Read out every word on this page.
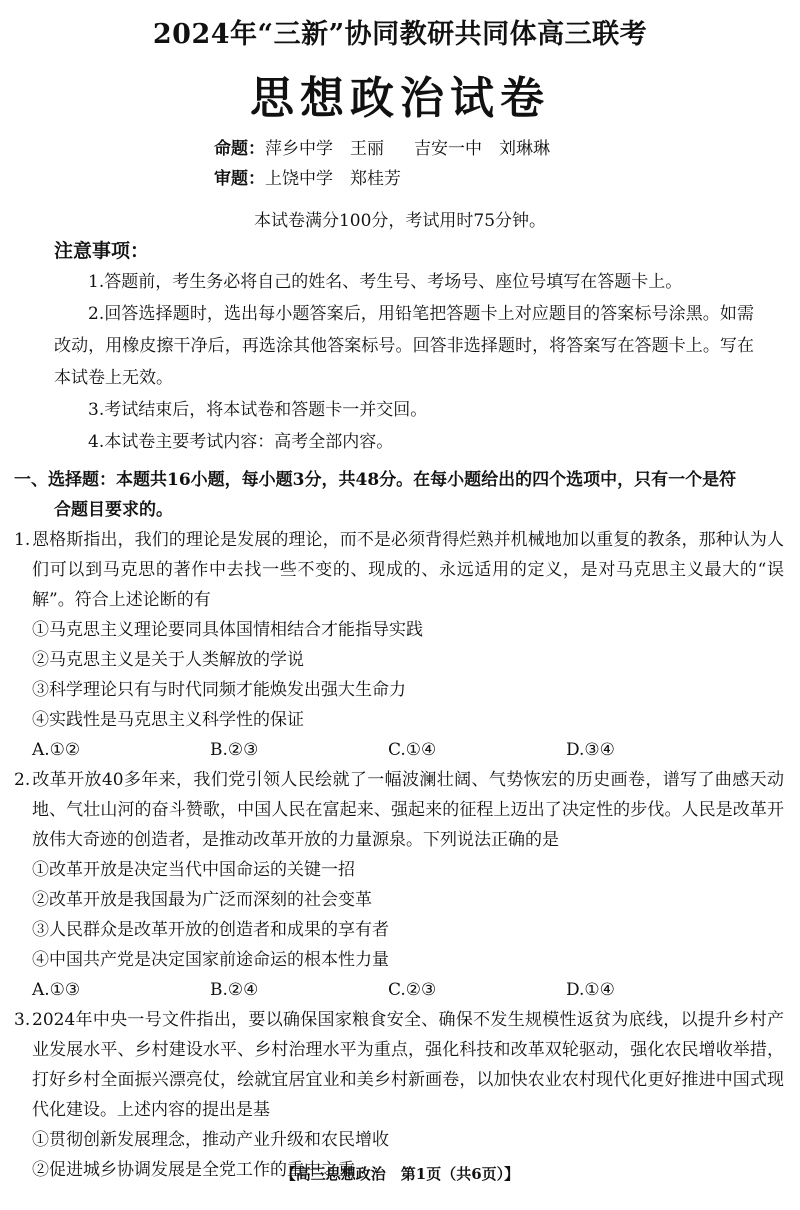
2024年“三新”协同教研共同体高三联考
思想政治试卷
命题：萍乡中学　王丽 吉安一中　刘琳琳
审题：上饶中学　郑桂芳
本试卷满分100分，考试用时75分钟。
注意事项：

1.答题前，考生务必将自己的姓名、考生号、考场号、座位号填写在答题卡上。

2.回答选择题时，选出每小题答案后，用铅笔把答题卡上对应题目的答案标号涂黑。如需改动，用橡皮擦干净后，再选涂其他答案标号。回答非选择题时，将答案写在答题卡上。写在本试卷上无效。

3.考试结束后，将本试卷和答题卡一并交回。

4.本试卷主要考试内容：高考全部内容。

一、选择题：本题共16小题，每小题3分，共48分。在每小题给出的四个选项中，只有一个是符
合题目要求的。

1. 恩格斯指出，我们的理论是发展的理论，而不是必须背得烂熟并机械地加以重复的教条，那种认为人们可以到马克思的著作中去找一些不变的、现成的、永远适用的定义，是对马克思主义最大的“误解”。符合上述论断的有

①马克思主义理论要同具体国情相结合才能指导实践
②马克思主义是关于人类解放的学说
③科学理论只有与时代同频才能焕发出强大生命力
④实践性是马克思主义科学性的保证
A.①②	B.②③	C.①④	D.③④

2. 改革开放40多年来，我们党引领人民绘就了一幅波澜壮阔、气势恢宏的历史画卷，谱写了曲感天动地、气壮山河的奋斗赞歌，中国人民在富起来、强起来的征程上迈出了决定性的步伐。人民是改革开放伟大奇迹的创造者，是推动改革开放的力量源泉。下列说法正确的是

①改革开放是决定当代中国命运的关键一招
②改革开放是我国最为广泛而深刻的社会变革
③人民群众是改革开放的创造者和成果的享有者
④中国共产党是决定国家前途命运的根本性力量
A.①③	B.②④	C.②③	D.①④

3. 2024年中央一号文件指出，要以确保国家粮食安全、确保不发生规模性返贫为底线，以提升乡村产业发展水平、乡村建设水平、乡村治理水平为重点，强化科技和改革双轮驱动，强化农民增收举措，打好乡村全面振兴漂亮仗，绘就宜居宜业和美乡村新画卷，以加快农业农村现代化更好推进中国式现代化建设。上述内容的提出是基

①贯彻创新发展理念，推动产业升级和农民增收
②促进城乡协调发展是全党工作的重中之重
【高三思想政治　第1页（共6页）】
